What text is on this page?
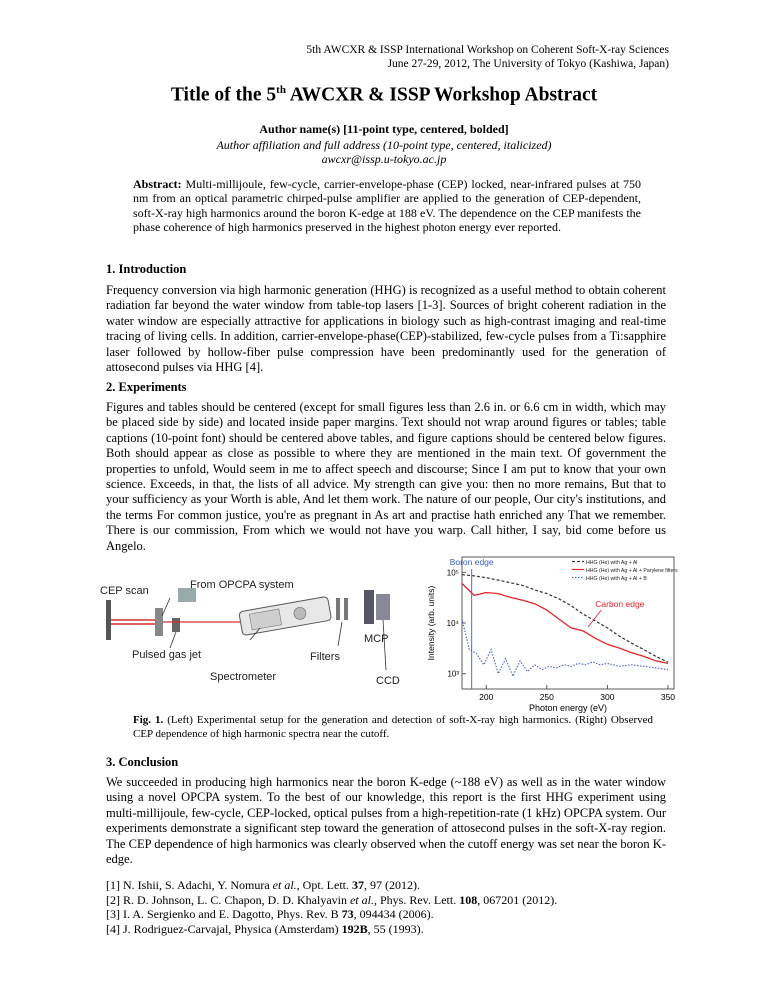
5th AWCXR & ISSP International Workshop on Coherent Soft-X-ray Sciences
June 27-29, 2012, The University of Tokyo (Kashiwa, Japan)
Title of the 5th AWCXR & ISSP Workshop Abstract
Author name(s) [11-point type, centered, bolded]
Author affiliation and full address (10-point type, centered, italicized)
awcxr@issp.u-tokyo.ac.jp
Abstract: Multi-millijoule, few-cycle, carrier-envelope-phase (CEP) locked, near-infrared pulses at 750 nm from an optical parametric chirped-pulse amplifier are applied to the generation of CEP-dependent, soft-X-ray high harmonics around the boron K-edge at 188 eV. The dependence on the CEP manifests the phase coherence of high harmonics preserved in the highest photon energy ever reported.
1. Introduction
Frequency conversion via high harmonic generation (HHG) is recognized as a useful method to obtain coherent radiation far beyond the water window from table-top lasers [1-3]. Sources of bright coherent radiation in the water window are especially attractive for applications in biology such as high-contrast imaging and real-time tracing of living cells. In addition, carrier-envelope-phase(CEP)-stabilized, few-cycle pulses from a Ti:sapphire laser followed by hollow-fiber pulse compression have been predominantly used for the generation of attosecond pulses via HHG [4].
2. Experiments
Figures and tables should be centered (except for small figures less than 2.6 in. or 6.6 cm in width, which may be placed side by side) and located inside paper margins. Text should not wrap around figures or tables; table captions (10-point font) should be centered above tables, and figure captions should be centered below figures. Both should appear as close as possible to where they are mentioned in the main text. Of government the properties to unfold, Would seem in me to affect speech and discourse; Since I am put to know that your own science. Exceeds, in that, the lists of all advice. My strength can give you: then no more remains, But that to your sufficiency as your Worth is able, And let them work. The nature of our people, Our city's institutions, and the terms For common justice, you're as pregnant in As art and practise hath enriched any That we remember. There is our commission, From which we would not have you warp. Call hither, I say, bid come before us Angelo.
CEP scan	From OPCPA system
Pulsed gas jet
Spectrometer
Filters
MCP
CCD
10⁵
10⁴
10³
200	250	300	350
Photon energy (eV)
Intensity (arb. units)
HHG (He) with Ag + Al
HHG (He) with Ag + Al + Parylene filters
HHG (He) with Ag + Al + B
Boron edge
Carbon edge
Fig. 1. (Left) Experimental setup for the generation and detection of soft-X-ray high harmonics. (Right) Observed CEP dependence of high harmonic spectra near the cutoff.
3. Conclusion
We succeeded in producing high harmonics near the boron K-edge (~188 eV) as well as in the water window using a novel OPCPA system. To the best of our knowledge, this report is the first HHG experiment using multi-millijoule, few-cycle, CEP-locked, optical pulses from a high-repetition-rate (1 kHz) OPCPA system. Our experiments demonstrate a significant step toward the generation of attosecond pulses in the soft-X-ray region. The CEP dependence of high harmonics was clearly observed when the cutoff energy was set near the boron K-edge.
[1] N. Ishii, S. Adachi, Y. Nomura et al., Opt. Lett. 37, 97 (2012).
[2] R. D. Johnson, L. C. Chapon, D. D. Khalyavin et al., Phys. Rev. Lett. 108, 067201 (2012).
[3] I. A. Sergienko and E. Dagotto, Phys. Rev. B 73, 094434 (2006).
[4] J. Rodriguez-Carvajal, Physica (Amsterdam) 192B, 55 (1993).
